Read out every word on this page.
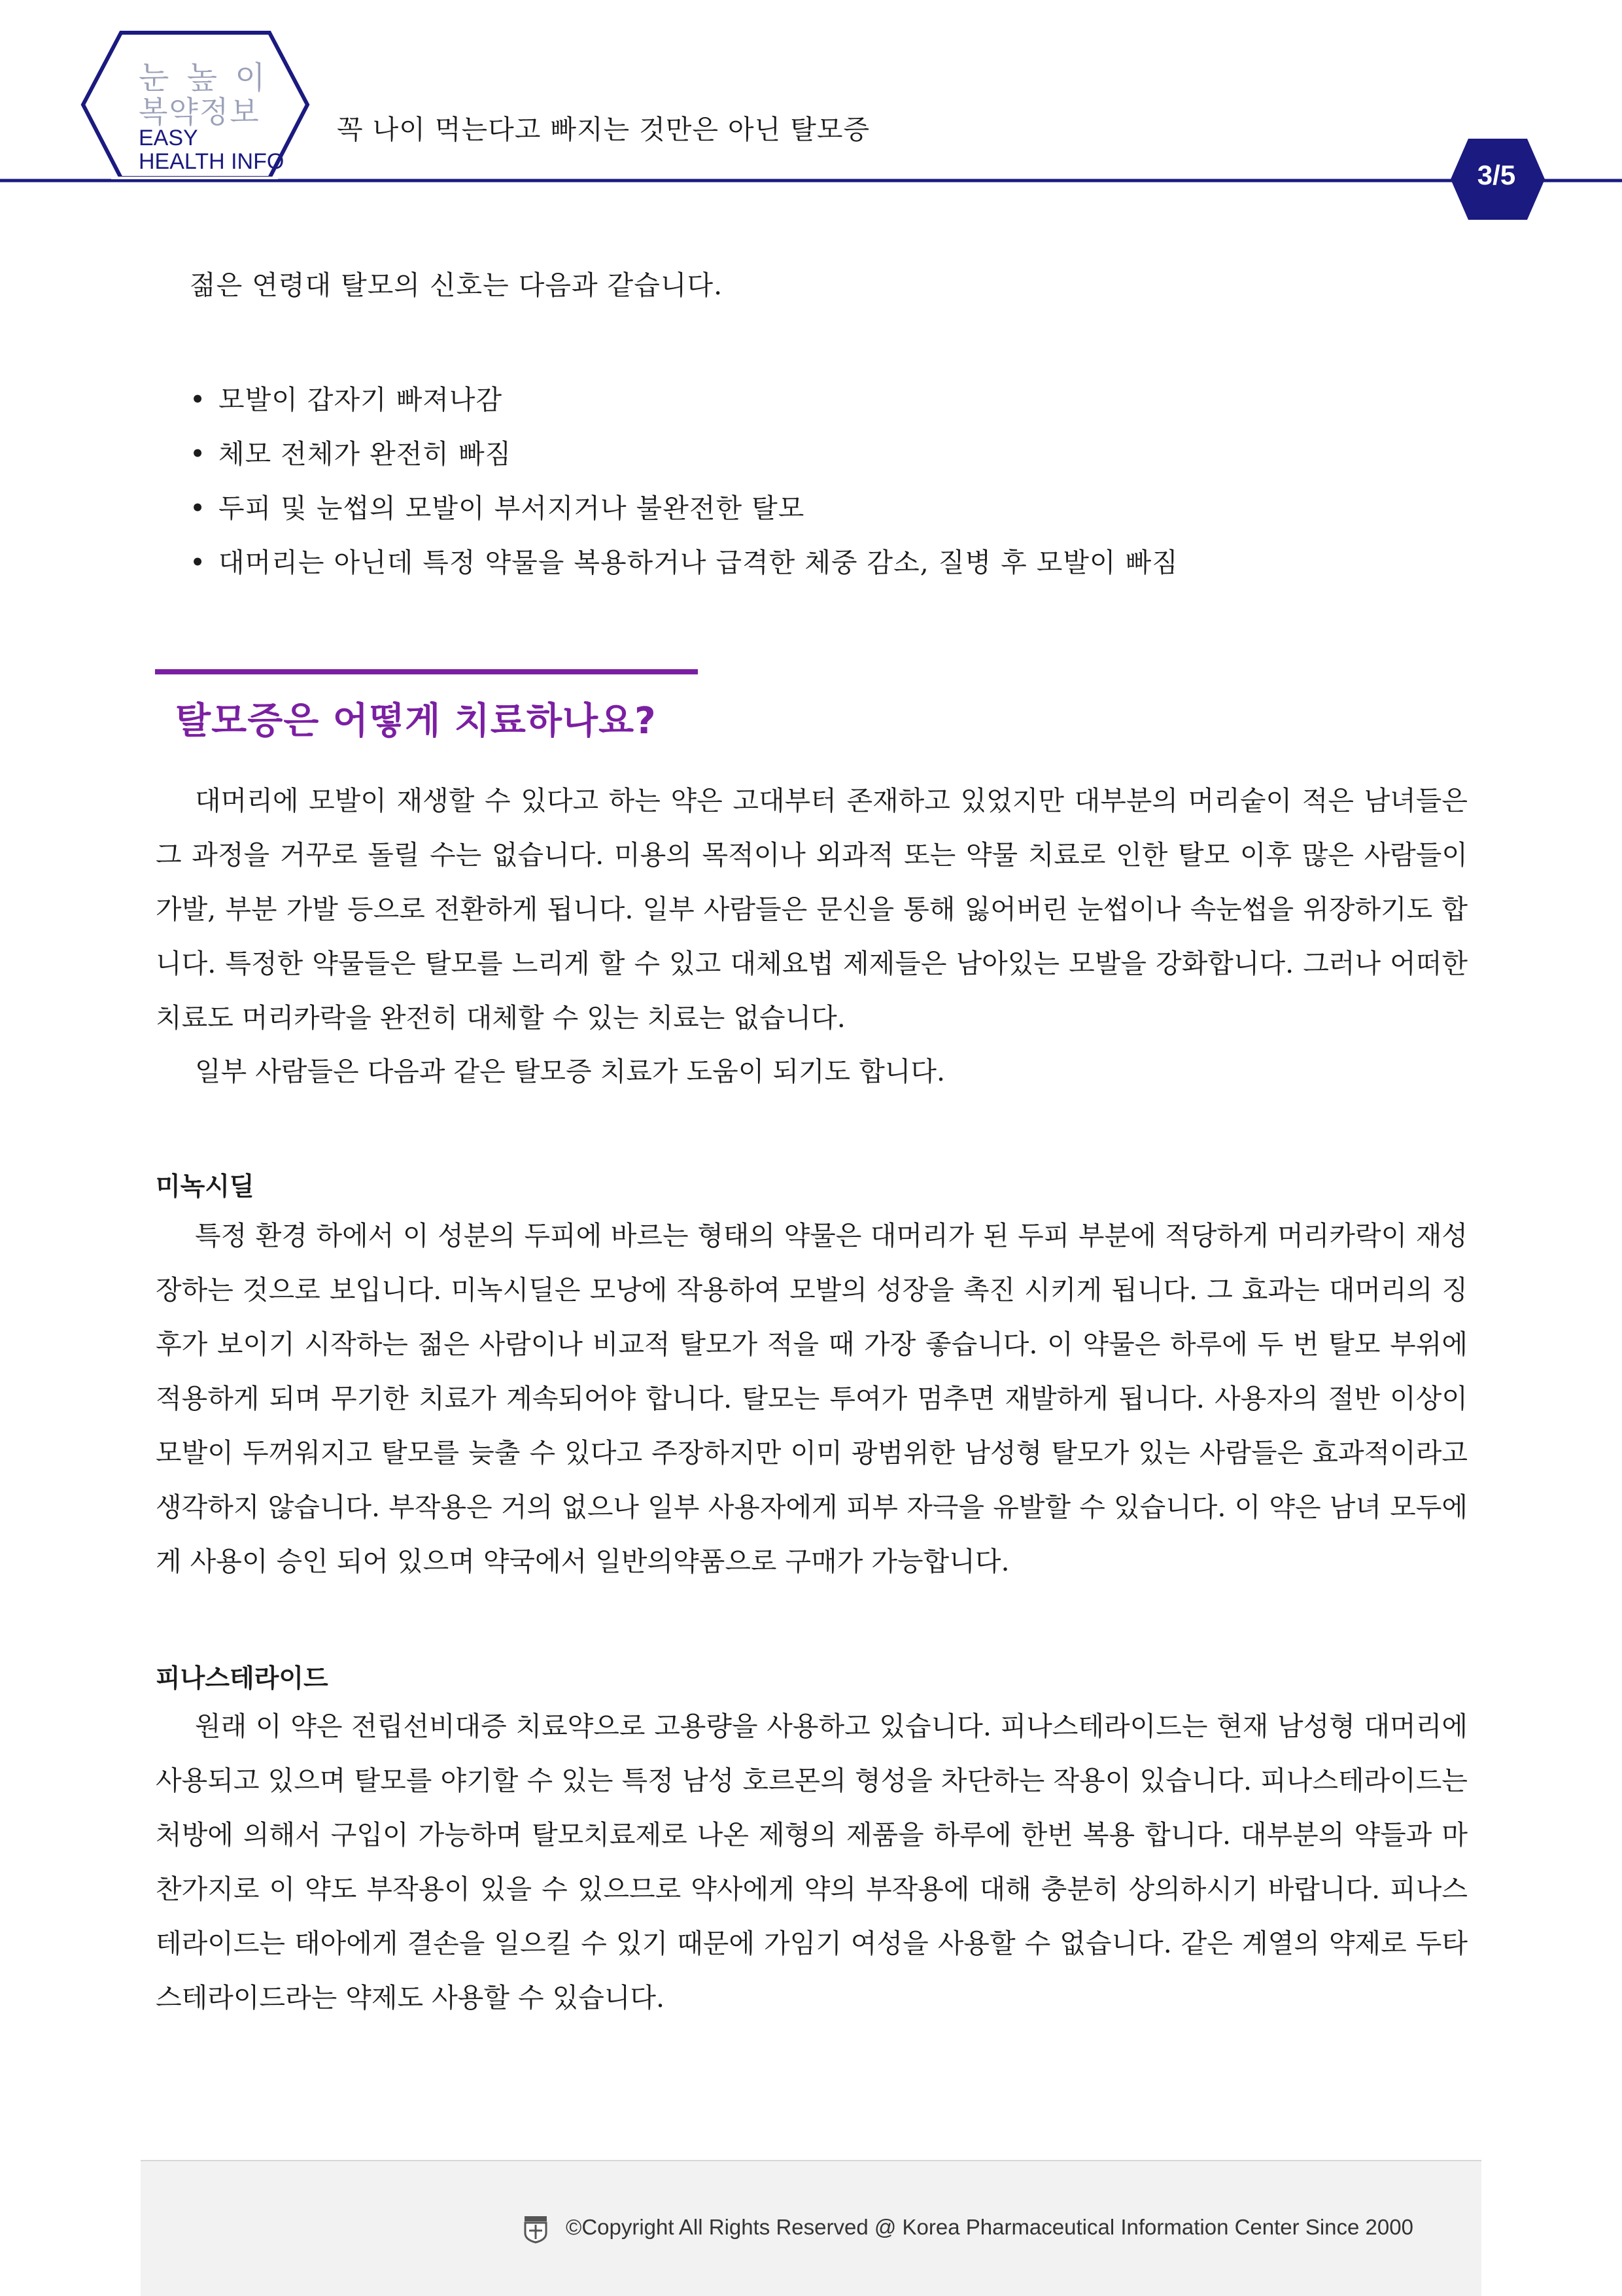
눈 높 이
복약정보
EASY
HEALTH INFO
꼭 나이 먹는다고 빠지는 것만은 아닌 탈모증
3/5
젊은 연령대 탈모의 신호는 다음과 같습니다.
• 모발이 갑자기 빠져나감
• 체모 전체가 완전히 빠짐
• 두피 및 눈썹의 모발이 부서지거나 불완전한 탈모
• 대머리는 아닌데 특정 약물을 복용하거나 급격한 체중 감소, 질병 후 모발이 빠짐
탈모증은 어떻게 치료하나요?

대머리에 모발이 재생할 수 있다고 하는 약은 고대부터 존재하고 있었지만 대부분의 머리숱이 적은 남녀들은 그 과정을 거꾸로 돌릴 수는 없습니다. 미용의 목적이나 외과적 또는 약물 치료로 인한 탈모 이후 많은 사람들이 가발, 부분 가발 등으로 전환하게 됩니다. 일부 사람들은 문신을 통해 잃어버린 눈썹이나 속눈썹을 위장하기도 합니다. 특정한 약물들은 탈모를 느리게 할 수 있고 대체요법 제제들은 남아있는 모발을 강화합니다. 그러나 어떠한 치료도 머리카락을 완전히 대체할 수 있는 치료는 없습니다.

일부 사람들은 다음과 같은 탈모증 치료가 도움이 되기도 합니다.

미녹시딜

특정 환경 하에서 이 성분의 두피에 바르는 형태의 약물은 대머리가 된 두피 부분에 적당하게 머리카락이 재성장하는 것으로 보입니다. 미녹시딜은 모낭에 작용하여 모발의 성장을 촉진 시키게 됩니다. 그 효과는 대머리의 징후가 보이기 시작하는 젊은 사람이나 비교적 탈모가 적을 때 가장 좋습니다. 이 약물은 하루에 두 번 탈모 부위에 적용하게 되며 무기한 치료가 계속되어야 합니다. 탈모는 투여가 멈추면 재발하게 됩니다. 사용자의 절반 이상이 모발이 두꺼워지고 탈모를 늦출 수 있다고 주장하지만 이미 광범위한 남성형 탈모가 있는 사람들은 효과적이라고 생각하지 않습니다. 부작용은 거의 없으나 일부 사용자에게 피부 자극을 유발할 수 있습니다. 이 약은 남녀 모두에게 사용이 승인 되어 있으며 약국에서 일반의약품으로 구매가 가능합니다.

피나스테라이드

원래 이 약은 전립선비대증 치료약으로 고용량을 사용하고 있습니다. 피나스테라이드는 현재 남성형 대머리에 사용되고 있으며 탈모를 야기할 수 있는 특정 남성 호르몬의 형성을 차단하는 작용이 있습니다. 피나스테라이드는 처방에 의해서 구입이 가능하며 탈모치료제로 나온 제형의 제품을 하루에 한번 복용 합니다. 대부분의 약들과 마찬가지로 이 약도 부작용이 있을 수 있으므로 약사에게 약의 부작용에 대해 충분히 상의하시기 바랍니다. 피나스테라이드는 태아에게 결손을 일으킬 수 있기 때문에 가임기 여성을 사용할 수 없습니다. 같은 계열의 약제로 두타스테라이드라는 약제도 사용할 수 있습니다.

©Copyright All Rights Reserved @ Korea Pharmaceutical Information Center Since 2000
